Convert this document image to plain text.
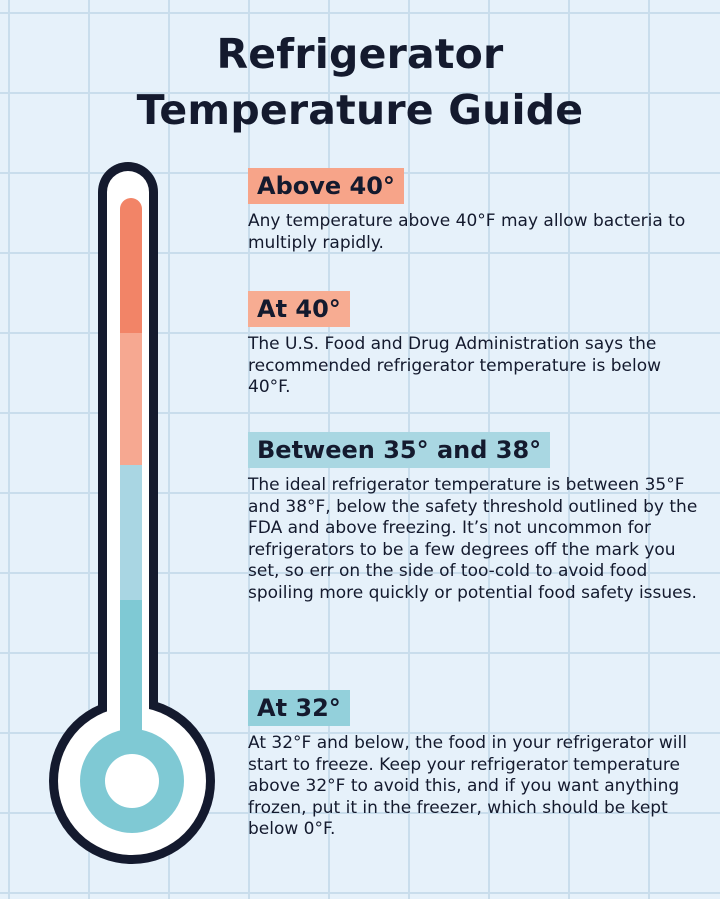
Refrigerator
Temperature Guide
Above 40°

Any temperature above 40°F may allow bacteria to multiply rapidly.

At 40°

The U.S. Food and Drug Administration says the recommended refrigerator temperature is below 40°F.

Between 35° and 38°

The ideal refrigerator temperature is between 35°F and 38°F, below the safety threshold outlined by the FDA and above freezing. It’s not uncommon for refrigerators to be a few degrees off the mark you set, so err on the side of too-cold to avoid food spoiling more quickly or potential food safety issues.

At 32°

At 32°F and below, the food in your refrigerator will start to freeze. Keep your refrigerator temperature above 32°F to avoid this, and if you want anything frozen, put it in the freezer, which should be kept below 0°F.
